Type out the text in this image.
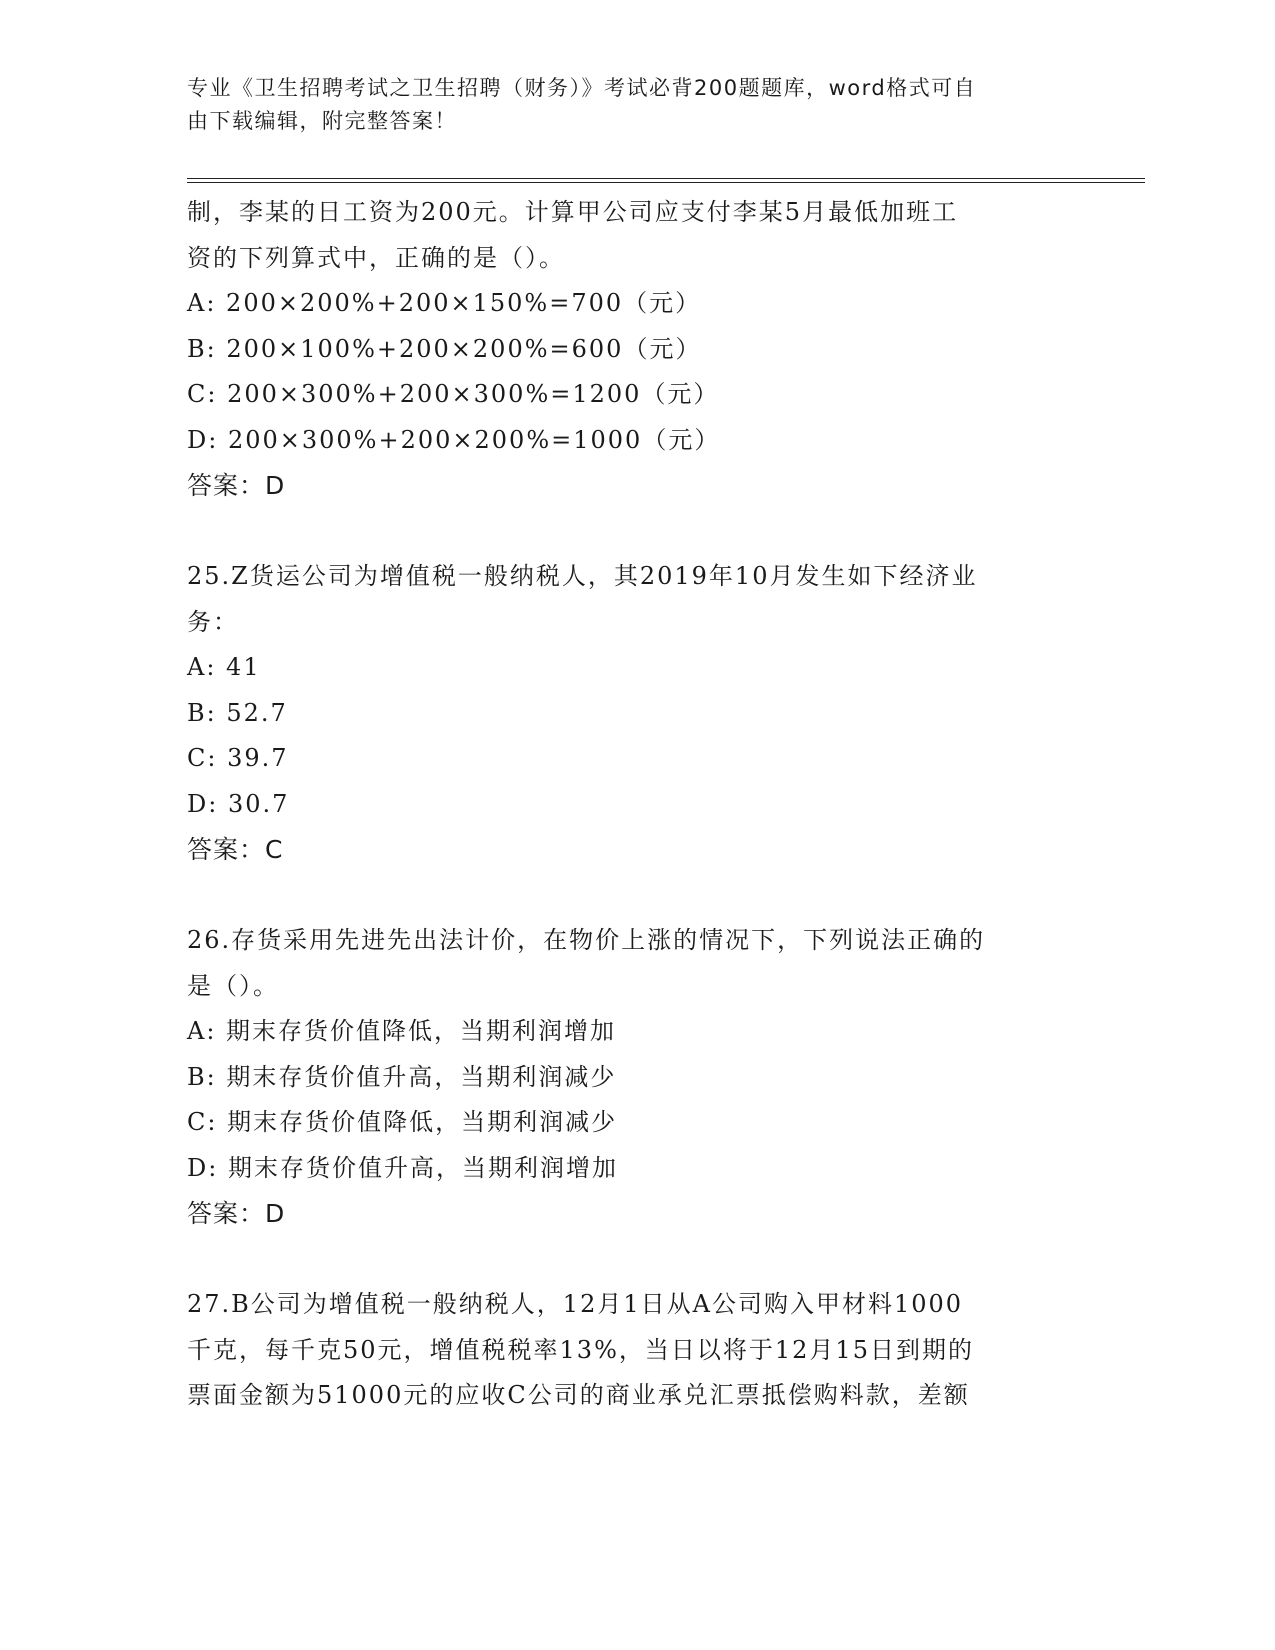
专业《卫生招聘考试之卫生招聘（财务）》考试必背200题题库，word格式可自
由下载编辑，附完整答案！
制，李某的日工资为200元。计算甲公司应支付李某5月最低加班工
资的下列算式中，正确的是（）。
A: 200×200%+200×150%=700（元）
B: 200×100%+200×200%=600（元）
C: 200×300%+200×300%=1200（元）
D: 200×300%+200×200%=1000（元）
答案：D
25.Z货运公司为增值税一般纳税人，其2019年10月发生如下经济业
务：
A: 41
B: 52.7
C: 39.7
D: 30.7
答案：C
26.存货采用先进先出法计价，在物价上涨的情况下，下列说法正确的
是（）。
A: 期末存货价值降低，当期利润增加
B: 期末存货价值升高，当期利润减少
C: 期末存货价值降低，当期利润减少
D: 期末存货价值升高，当期利润增加
答案：D
27.B公司为增值税一般纳税人，12月1日从A公司购入甲材料1000
千克，每千克50元，增值税税率13%，当日以将于12月15日到期的
票面金额为51000元的应收C公司的商业承兑汇票抵偿购料款，差额
